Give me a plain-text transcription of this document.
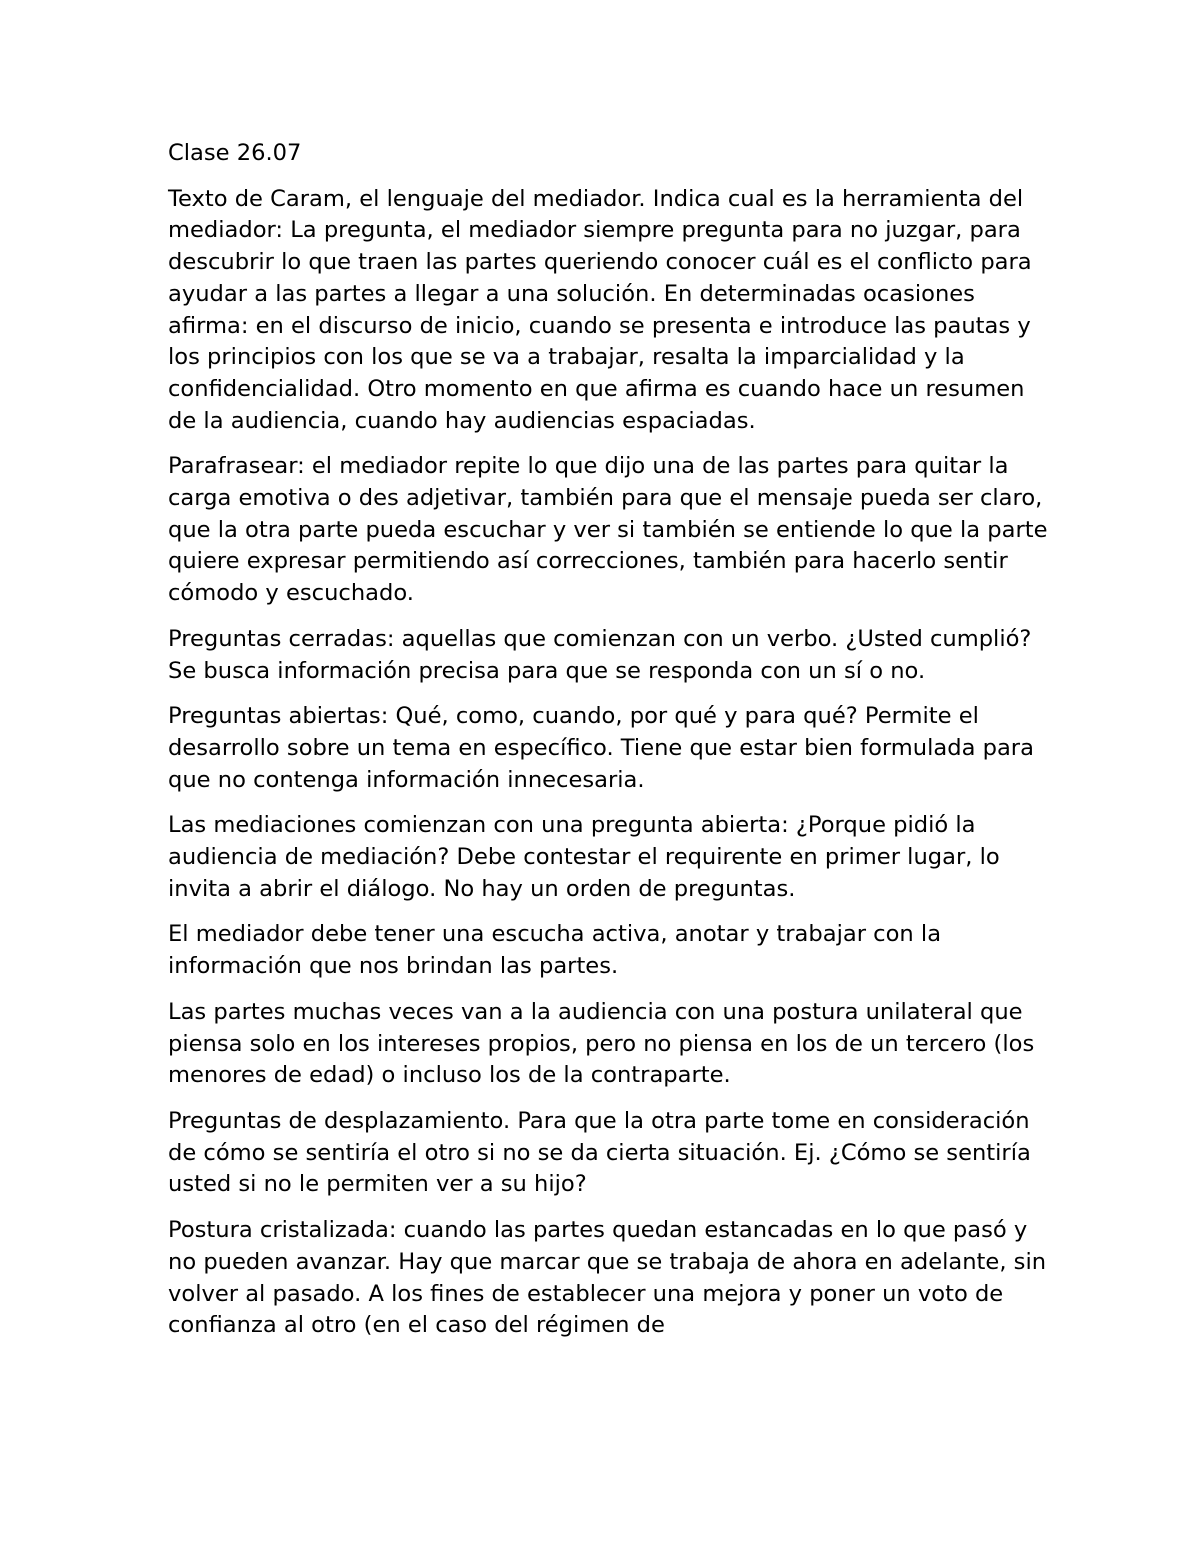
Clase 26.07

Texto de Caram, el lenguaje del mediador. Indica cual es la herramienta del mediador: La pregunta, el mediador siempre pregunta para no juzgar, para descubrir lo que traen las partes queriendo conocer cuál es el conflicto para ayudar a las partes a llegar a una solución. En determinadas ocasiones afirma: en el discurso de inicio, cuando se presenta e introduce las pautas y los principios con los que se va a trabajar, resalta la imparcialidad y la confidencialidad. Otro momento en que afirma es cuando hace un resumen de la audiencia, cuando hay audiencias espaciadas.

Parafrasear: el mediador repite lo que dijo una de las partes para quitar la carga emotiva o des adjetivar, también para que el mensaje pueda ser claro, que la otra parte pueda escuchar y ver si también se entiende lo que la parte quiere expresar permitiendo así correcciones, también para hacerlo sentir cómodo y escuchado.

Preguntas cerradas: aquellas que comienzan con un verbo. ¿Usted cumplió? Se busca información precisa para que se responda con un sí o no.

Preguntas abiertas: Qué, como, cuando, por qué y para qué? Permite el desarrollo sobre un tema en específico. Tiene que estar bien formulada para que no contenga información innecesaria.

Las mediaciones comienzan con una pregunta abierta: ¿Porque pidió la audiencia de mediación? Debe contestar el requirente en primer lugar, lo invita a abrir el diálogo. No hay un orden de preguntas.

El mediador debe tener una escucha activa, anotar y trabajar con la información que nos brindan las partes.

Las partes muchas veces van a la audiencia con una postura unilateral que piensa solo en los intereses propios, pero no piensa en los de un tercero (los menores de edad) o incluso los de la contraparte.

Preguntas de desplazamiento. Para que la otra parte tome en consideración de cómo se sentiría el otro si no se da cierta situación. Ej. ¿Cómo se sentiría usted si no le permiten ver a su hijo?

Postura cristalizada: cuando las partes quedan estancadas en lo que pasó y no pueden avanzar. Hay que marcar que se trabaja de ahora en adelante, sin volver al pasado. A los fines de establecer una mejora y poner un voto de confianza al otro (en el caso del régimen de
